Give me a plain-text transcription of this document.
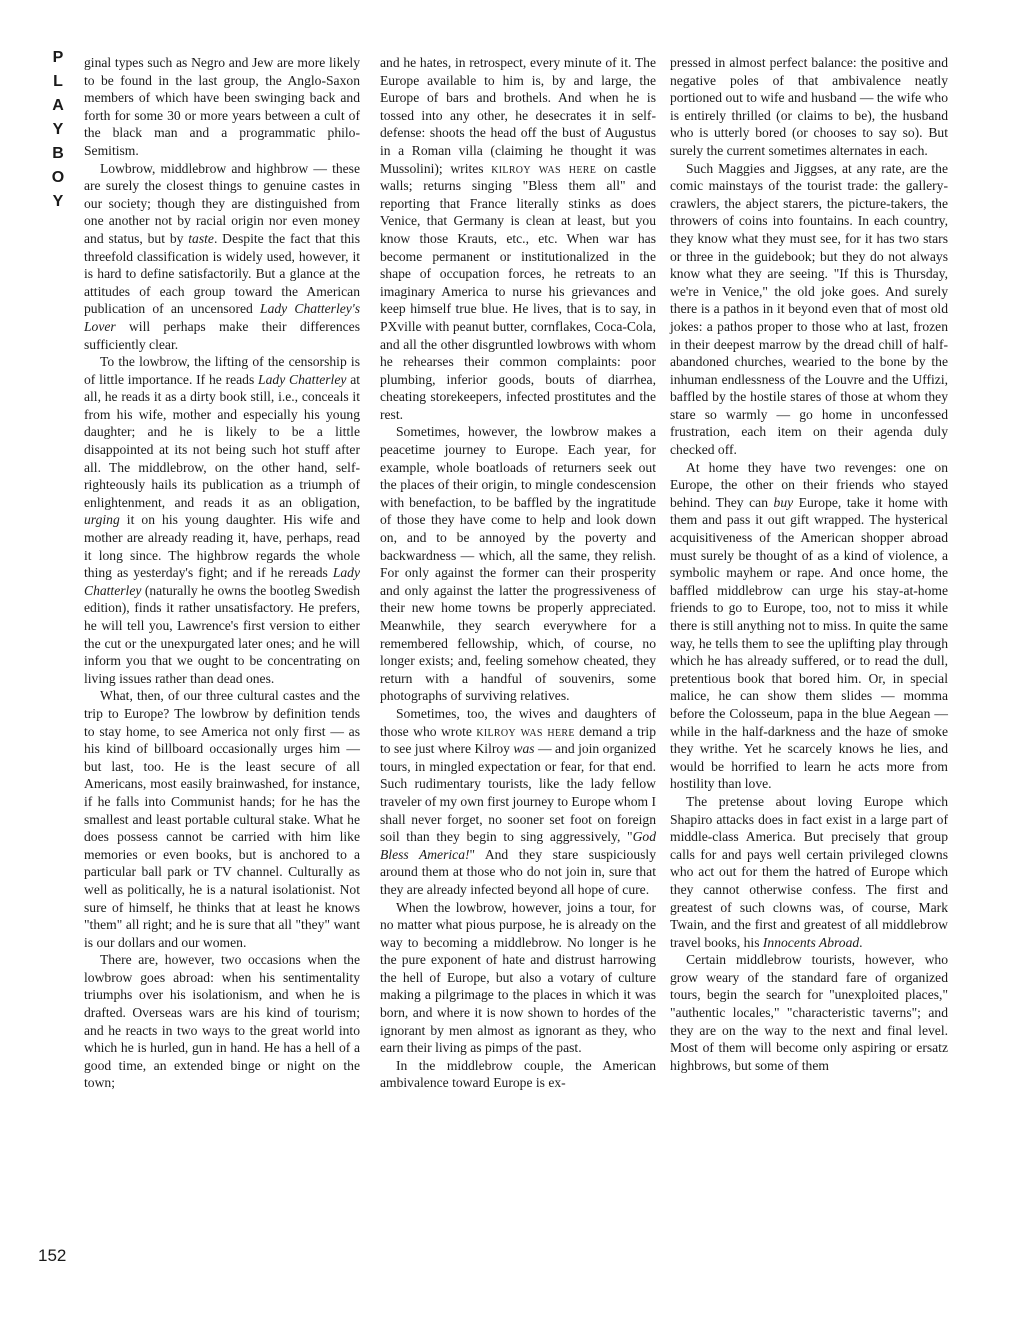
PLAYBOY
152

ginal types such as Negro and Jew are more likely to be found in the last group, the Anglo-Saxon members of which have been swinging back and forth for some 30 or more years between a cult of the black man and a programmatic philo-Semitism.

Lowbrow, middlebrow and highbrow — these are surely the closest things to genuine castes in our society; though they are distinguished from one another not by racial origin nor even money and status, but by taste. Despite the fact that this threefold classification is widely used, however, it is hard to define satisfactorily. But a glance at the attitudes of each group toward the American publication of an uncensored Lady Chatterley's Lover will perhaps make their differences sufficiently clear.

To the lowbrow, the lifting of the censorship is of little importance. If he reads Lady Chatterley at all, he reads it as a dirty book still, i.e., conceals it from his wife, mother and especially his young daughter; and he is likely to be a little disappointed at its not being such hot stuff after all. The middlebrow, on the other hand, self-righteously hails its publication as a triumph of enlightenment, and reads it as an obligation, urging it on his young daughter. His wife and mother are already reading it, have, perhaps, read it long since. The highbrow regards the whole thing as yesterday's fight; and if he rereads Lady Chatterley (naturally he owns the bootleg Swedish edition), finds it rather unsatisfactory. He prefers, he will tell you, Lawrence's first version to either the cut or the unexpurgated later ones; and he will inform you that we ought to be concentrating on living issues rather than dead ones.

What, then, of our three cultural castes and the trip to Europe? The lowbrow by definition tends to stay home, to see America not only first — as his kind of billboard occasionally urges him — but last, too. He is the least secure of all Americans, most easily brainwashed, for instance, if he falls into Communist hands; for he has the smallest and least portable cultural stake. What he does possess cannot be carried with him like memories or even books, but is anchored to a particular ball park or TV channel. Culturally as well as politically, he is a natural isolationist. Not sure of himself, he thinks that at least he knows "them" all right; and he is sure that all "they" want is our dollars and our women.

There are, however, two occasions when the lowbrow goes abroad: when his sentimentality triumphs over his isolationism, and when he is drafted. Overseas wars are his kind of tourism; and he reacts in two ways to the great world into which he is hurled, gun in hand. He has a hell of a good time, an extended binge or night on the town;

and he hates, in retrospect, every minute of it. The Europe available to him is, by and large, the Europe of bars and brothels. And when he is tossed into any other, he desecrates it in self-defense: shoots the head off the bust of Augustus in a Roman villa (claiming he thought it was Mussolini); writes kilroy was here on castle walls; returns singing "Bless them all" and reporting that France literally stinks as does Venice, that Germany is clean at least, but you know those Krauts, etc., etc. When war has become permanent or institutionalized in the shape of occupation forces, he retreats to an imaginary America to nurse his grievances and keep himself true blue. He lives, that is to say, in PXville with peanut butter, cornflakes, Coca-Cola, and all the other disgruntled lowbrows with whom he rehearses their common complaints: poor plumbing, inferior goods, bouts of diarrhea, cheating storekeepers, infected prostitutes and the rest.

Sometimes, however, the lowbrow makes a peacetime journey to Europe. Each year, for example, whole boatloads of returners seek out the places of their origin, to mingle condescension with benefaction, to be baffled by the ingratitude of those they have come to help and look down on, and to be annoyed by the poverty and backwardness — which, all the same, they relish. For only against the former can their prosperity and only against the latter the progressiveness of their new home towns be properly appreciated. Meanwhile, they search everywhere for a remembered fellowship, which, of course, no longer exists; and, feeling somehow cheated, they return with a handful of souvenirs, some photographs of surviving relatives.

Sometimes, too, the wives and daughters of those who wrote kilroy was here demand a trip to see just where Kilroy was — and join organized tours, in mingled expectation or fear, for that end. Such rudimentary tourists, like the lady fellow traveler of my own first journey to Europe whom I shall never forget, no sooner set foot on foreign soil than they begin to sing aggressively, "God Bless America!" And they stare suspiciously around them at those who do not join in, sure that they are already infected beyond all hope of cure.

When the lowbrow, however, joins a tour, for no matter what pious purpose, he is already on the way to becoming a middlebrow. No longer is he the pure exponent of hate and distrust harrowing the hell of Europe, but also a votary of culture making a pilgrimage to the places in which it was born, and where it is now shown to hordes of the ignorant by men almost as ignorant as they, who earn their living as pimps of the past.

In the middlebrow couple, the American ambivalence toward Europe is ex-

pressed in almost perfect balance: the positive and negative poles of that ambivalence neatly portioned out to wife and husband — the wife who is entirely thrilled (or claims to be), the husband who is utterly bored (or chooses to say so). But surely the current sometimes alternates in each.

Such Maggies and Jiggses, at any rate, are the comic mainstays of the tourist trade: the gallery-crawlers, the abject starers, the picture-takers, the throwers of coins into fountains. In each country, they know what they must see, for it has two stars or three in the guidebook; but they do not always know what they are seeing. "If this is Thursday, we're in Venice," the old joke goes. And surely there is a pathos in it beyond even that of most old jokes: a pathos proper to those who at last, frozen in their deepest marrow by the dread chill of half-abandoned churches, wearied to the bone by the inhuman endlessness of the Louvre and the Uffizi, baffled by the hostile stares of those at whom they stare so warmly — go home in unconfessed frustration, each item on their agenda duly checked off.

At home they have two revenges: one on Europe, the other on their friends who stayed behind. They can buy Europe, take it home with them and pass it out gift wrapped. The hysterical acquisitiveness of the American shopper abroad must surely be thought of as a kind of violence, a symbolic mayhem or rape. And once home, the baffled middlebrow can urge his stay-at-home friends to go to Europe, too, not to miss it while there is still anything not to miss. In quite the same way, he tells them to see the uplifting play through which he has already suffered, or to read the dull, pretentious book that bored him. Or, in special malice, he can show them slides — momma before the Colosseum, papa in the blue Aegean — while in the half-darkness and the haze of smoke they writhe. Yet he scarcely knows he lies, and would be horrified to learn he acts more from hostility than love.

The pretense about loving Europe which Shapiro attacks does in fact exist in a large part of middle-class America. But precisely that group calls for and pays well certain privileged clowns who act out for them the hatred of Europe which they cannot otherwise confess. The first and greatest of such clowns was, of course, Mark Twain, and the first and greatest of all middlebrow travel books, his Innocents Abroad.

Certain middlebrow tourists, however, who grow weary of the standard fare of organized tours, begin the search for "unexploited places," "authentic locales," "characteristic taverns"; and they are on the way to the next and final level. Most of them will become only aspiring or ersatz highbrows, but some of them
